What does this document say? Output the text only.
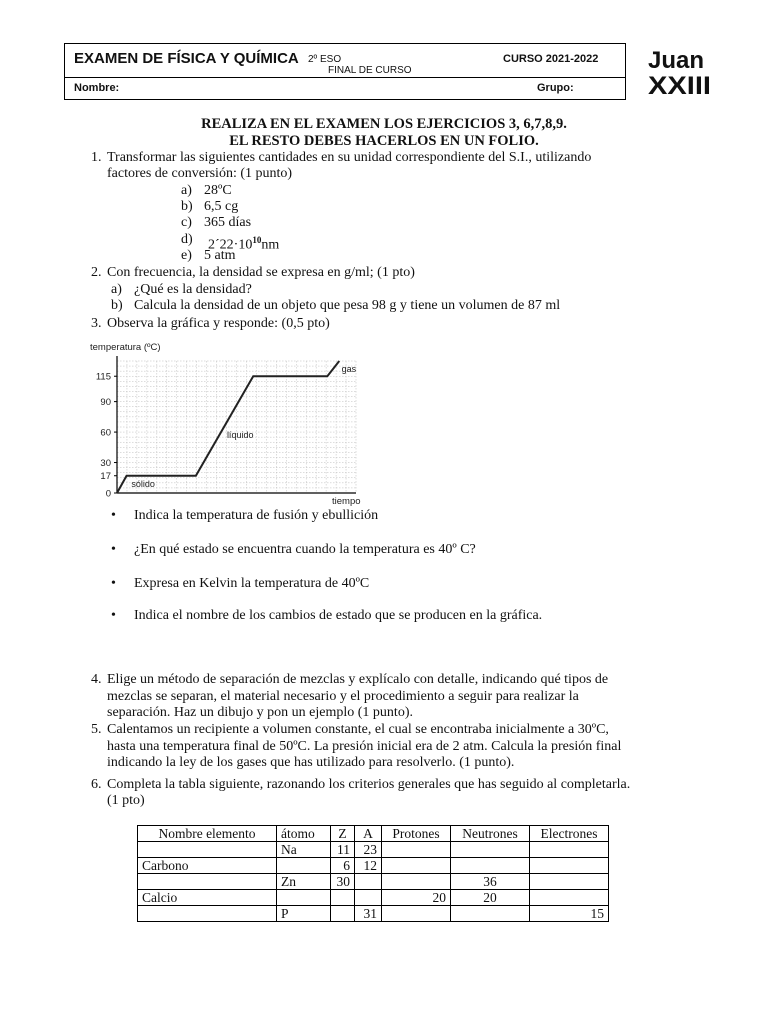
EXAMEN DE FÍSICA Y QUÍMICA 2º ESO
FINAL DE CURSO
CURSO 2021-2022
Nombre:	Grupo:
Juan
XXIII
REALIZA EN EL EXAMEN LOS EJERCICIOS 3, 6,7,8,9.
EL RESTO DEBES HACERLOS EN UN FOLIO.
1. Transformar las siguientes cantidades en su unidad correspondiente del S.I., utilizando
factores de conversión: (1 punto)
a) 28ºC
b) 6,5 cg
c) 365 días
d) $2´22\cdot 10^{10}nm$
e) 5 atm
2. Con frecuencia, la densidad se expresa en g/ml; (1 pto)
a) ¿Qué es la densidad?
b) Calcula la densidad de un objeto que pesa 98 g y tiene un volumen de 87 ml
3. Observa la gráfica y responde: (0,5 pto)
0
17
30
60
90
115
temperatura (ºC)
tiempo
sólido
líquido
gas
• Indica la temperatura de fusión y ebullición
• ¿En qué estado se encuentra cuando la temperatura es 40º C?
• Expresa en Kelvin la temperatura de 40ºC
• Indica el nombre de los cambios de estado que se producen en la gráfica.
4. Elige un método de separación de mezclas y explícalo con detalle, indicando qué tipos de
mezclas se separan, el material necesario y el procedimiento a seguir para realizar la
separación. Haz un dibujo y pon un ejemplo (1 punto).
5. Calentamos un recipiente a volumen constante, el cual se encontraba inicialmente a 30ºC,
hasta una temperatura final de 50ºC. La presión inicial era de 2 atm. Calcula la presión final
indicando la ley de los gases que has utilizado para resolverlo. (1 punto).
6. Completa la tabla siguiente, razonando los criterios generales que has seguido al completarla.
(1 pto)
Nombre elemento	átomo	Z	A	Protones	Neutrones	Electrones
	Na	11	23			
Carbono		6	12			
	Zn	30			36	
Calcio				20	20	
	P		31			15
